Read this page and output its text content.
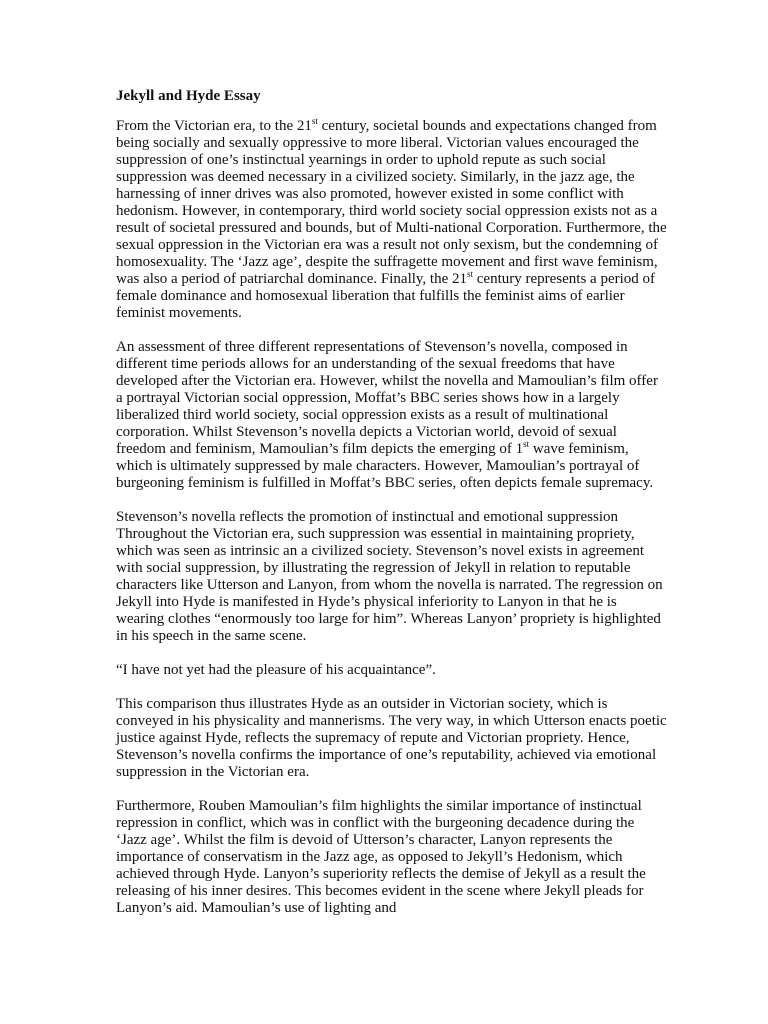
Jekyll and Hyde Essay

From the Victorian era, to the 21st century, societal bounds and expectations changed from being socially and sexually oppressive to more liberal. Victorian values encouraged the suppression of one’s instinctual yearnings in order to uphold repute as such social suppression was deemed necessary in a civilized society. Similarly, in the jazz age, the harnessing of inner drives was also promoted, however existed in some conflict with hedonism. However, in contemporary, third world society social oppression exists not as a result of societal pressured and bounds, but of Multi-national Corporation. Furthermore, the sexual oppression in the Victorian era was a result not only sexism, but the condemning of homosexuality. The ‘Jazz age’, despite the suffragette movement and first wave feminism, was also a period of patriarchal dominance. Finally, the 21st century represents a period of female dominance and homosexual liberation that fulfills the feminist aims of earlier feminist movements.

An assessment of three different representations of Stevenson’s novella, composed in different time periods allows for an understanding of the sexual freedoms that have developed after the Victorian era. However, whilst the novella and Mamoulian’s film offer a portrayal Victorian social oppression, Moffat’s BBC series shows how in a largely liberalized third world society, social oppression exists as a result of multinational corporation. Whilst Stevenson’s novella depicts a Victorian world, devoid of sexual freedom and feminism, Mamoulian’s film depicts the emerging of 1st wave feminism, which is ultimately suppressed by male characters. However, Mamoulian’s portrayal of burgeoning feminism is fulfilled in Moffat’s BBC series, often depicts female supremacy.

Stevenson’s novella reflects the promotion of instinctual and emotional suppression Throughout the Victorian era, such suppression was essential in maintaining propriety, which was seen as intrinsic an a civilized society. Stevenson’s novel exists in agreement with social suppression, by illustrating the regression of Jekyll in relation to reputable characters like Utterson and Lanyon, from whom the novella is narrated. The regression on Jekyll into Hyde is manifested in Hyde’s physical inferiority to Lanyon in that he is wearing clothes “enormously too large for him”. Whereas Lanyon’ propriety is highlighted in his speech in the same scene.

“I have not yet had the pleasure of his acquaintance”.

This comparison thus illustrates Hyde as an outsider in Victorian society, which is conveyed in his physicality and mannerisms. The very way, in which Utterson enacts poetic justice against Hyde, reflects the supremacy of repute and Victorian propriety. Hence, Stevenson’s novella confirms the importance of one’s reputability, achieved via emotional suppression in the Victorian era.

Furthermore, Rouben Mamoulian’s film highlights the similar importance of instinctual repression in conflict, which was in conflict with the burgeoning decadence during the ‘Jazz age’. Whilst the film is devoid of Utterson’s character, Lanyon represents the importance of conservatism in the Jazz age, as opposed to Jekyll’s Hedonism, which achieved through Hyde. Lanyon’s superiority reflects the demise of Jekyll as a result the releasing of his inner desires. This becomes evident in the scene where Jekyll pleads for Lanyon’s aid. Mamoulian’s use of lighting and
